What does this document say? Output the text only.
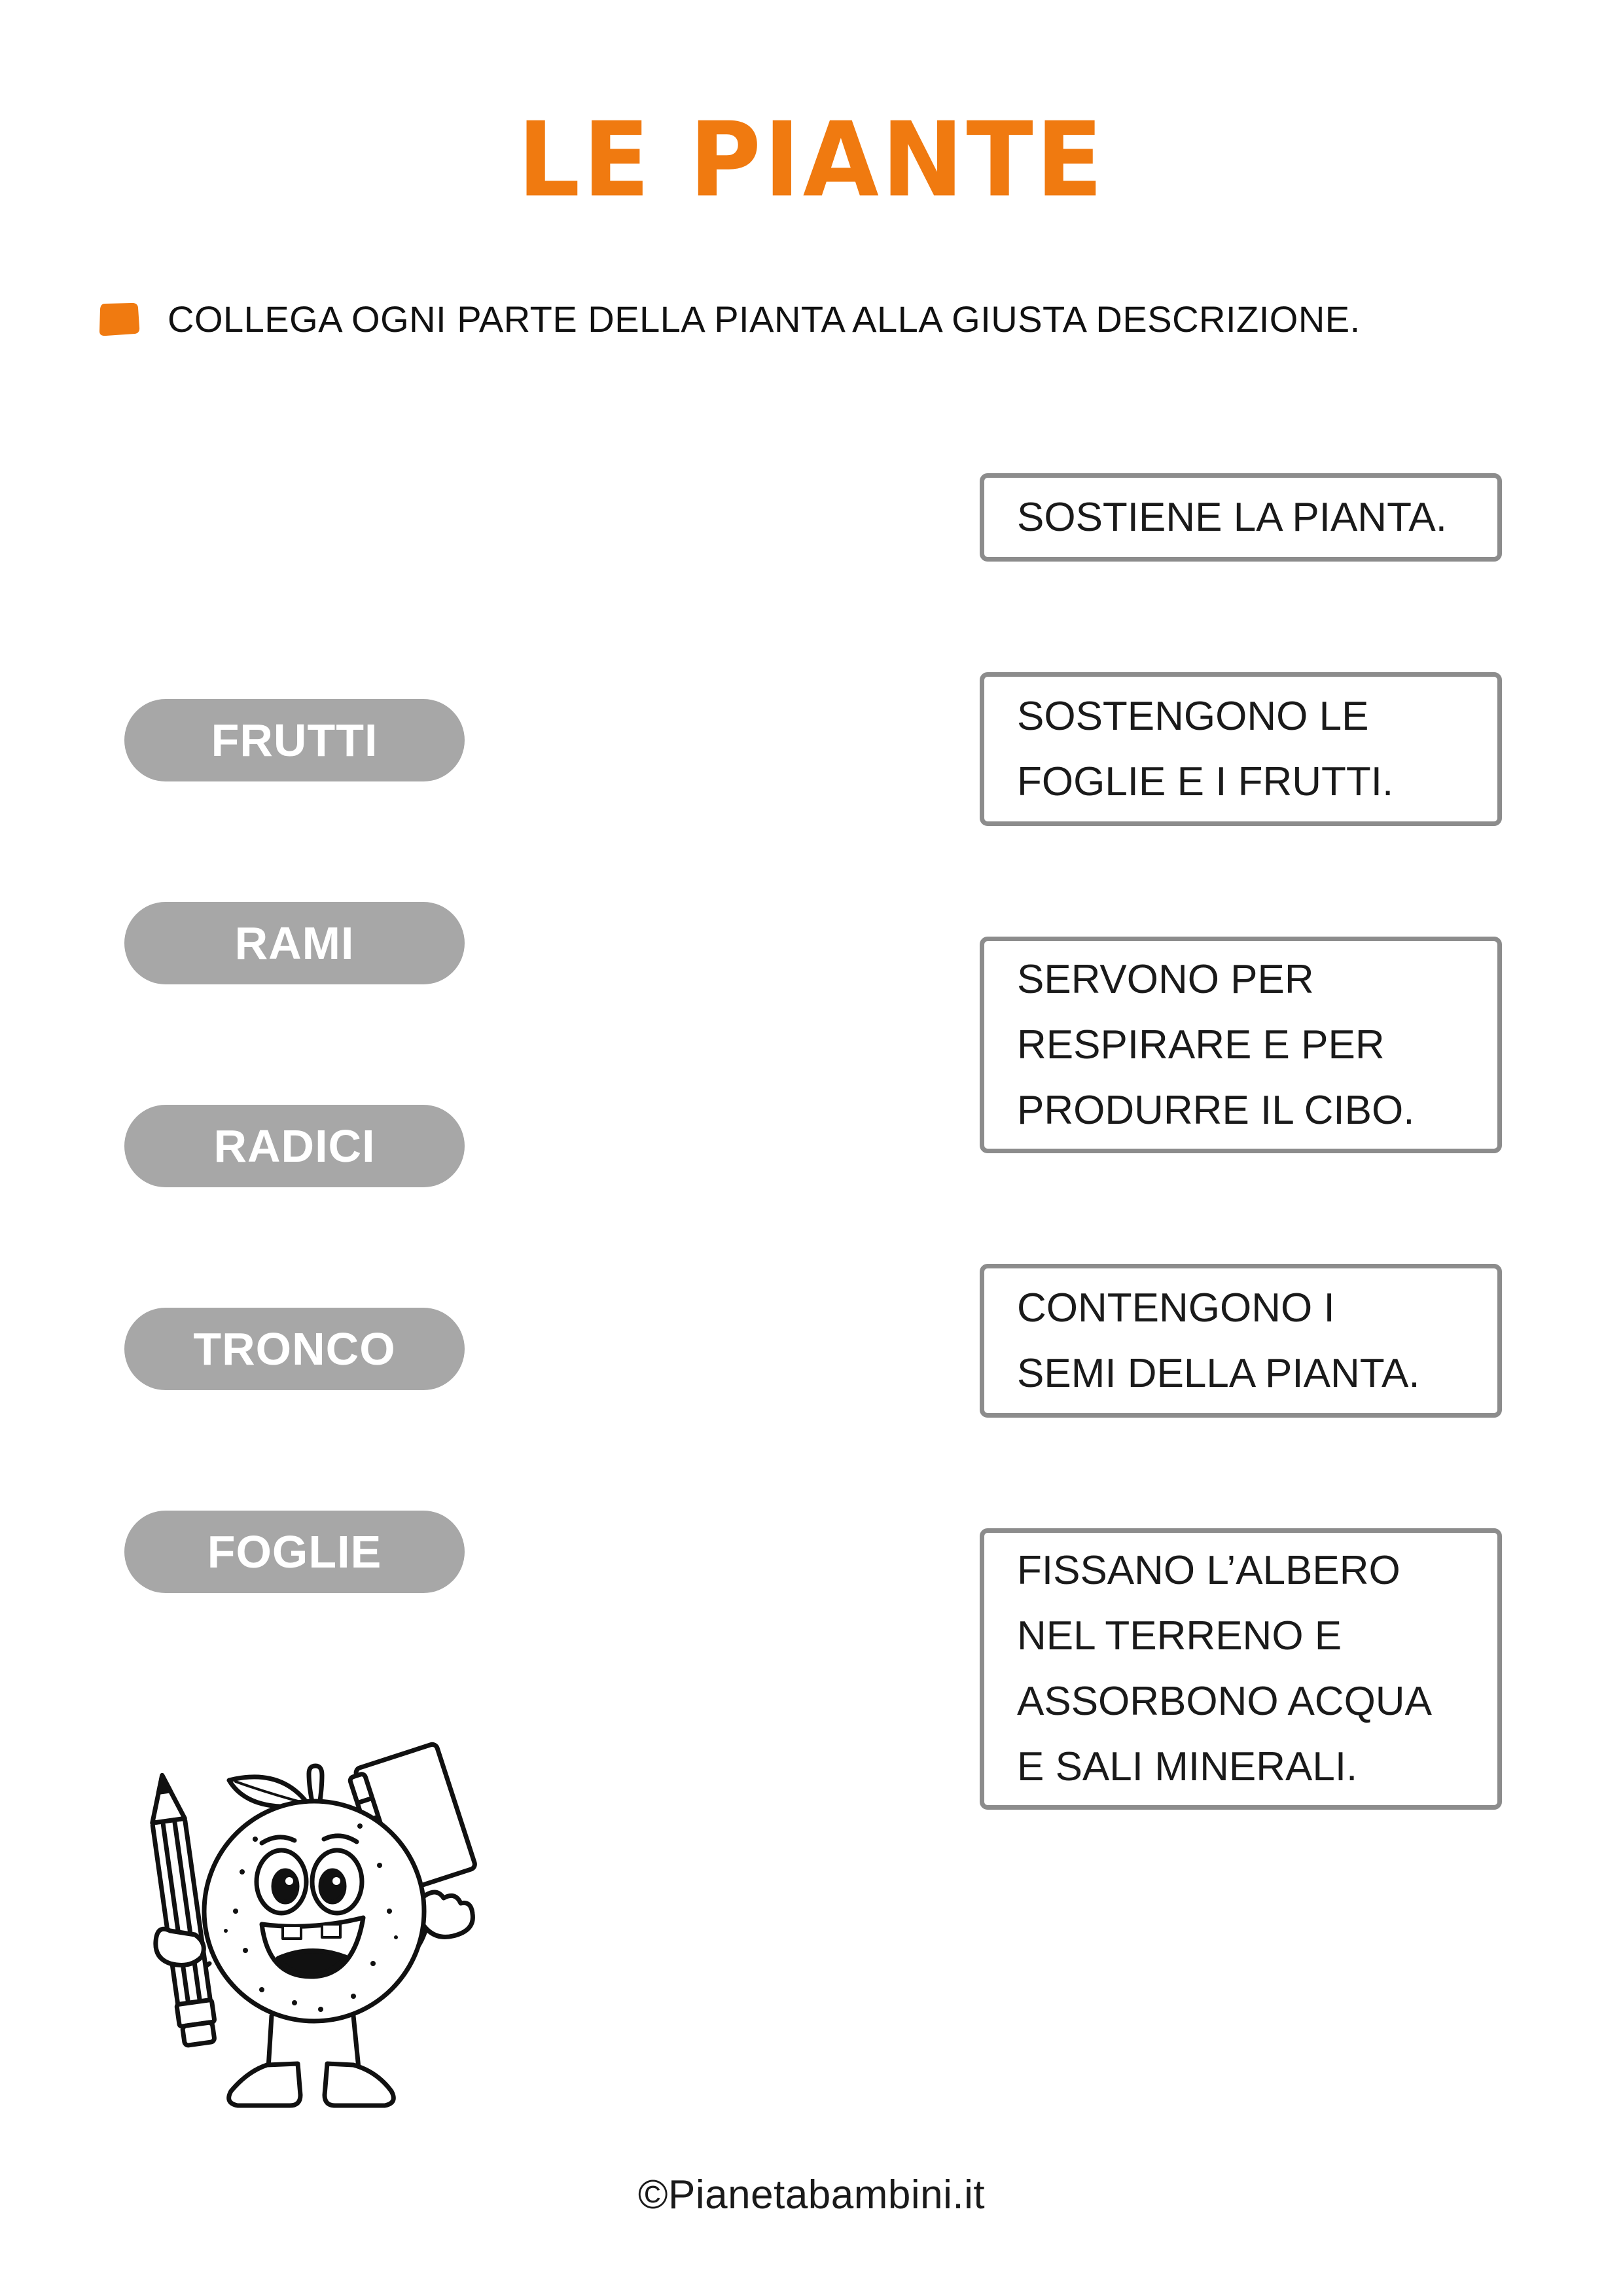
LE PIANTE
COLLEGA OGNI PARTE DELLA PIANTA ALLA GIUSTA DESCRIZIONE.
FRUTTI
RAMI
RADICI
TRONCO
FOGLIE
SOSTIENE LA PIANTA.
SOSTENGONO LE
FOGLIE E I FRUTTI.
SERVONO PER
RESPIRARE E PER
PRODURRE IL CIBO.
CONTENGONO I
SEMI DELLA PIANTA.
FISSANO L’ALBERO
NEL TERRENO E
ASSORBONO ACQUA
E SALI MINERALI.
©Pianetabambini.it
